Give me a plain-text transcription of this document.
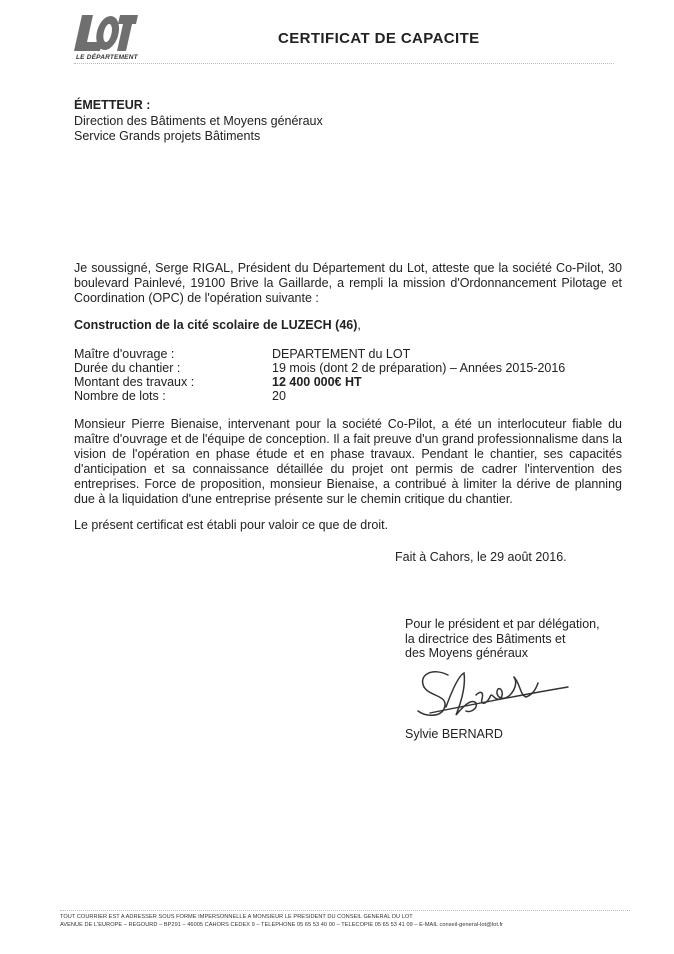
LE DÉPARTEMENT
CERTIFICAT DE CAPACITE
ÉMETTEUR :
Direction des Bâtiments et Moyens généraux
Service Grands projets Bâtiments
Je soussigné, Serge RIGAL, Président du Département du Lot, atteste que la société Co-Pilot, 30 boulevard Painlevé, 19100 Brive la Gaillarde, a rempli la mission d'Ordonnancement Pilotage et Coordination (OPC) de l'opération suivante :
Construction de la cité scolaire de LUZECH (46),
Maître d'ouvrage :	DEPARTEMENT du LOT
Durée du chantier :	19 mois (dont 2 de préparation) – Années 2015-2016
Montant des travaux :	12 400 000€ HT
Nombre de lots :	20
Monsieur Pierre Bienaise, intervenant pour la société Co-Pilot, a été un interlocuteur fiable du maître d'ouvrage et de l'équipe de conception. Il a fait preuve d'un grand professionnalisme dans la vision de l'opération en phase étude et en phase travaux. Pendant le chantier, ses capacités d'anticipation et sa connaissance détaillée du projet ont permis de cadrer l'intervention des entreprises. Force de proposition, monsieur Bienaise, a contribué à limiter la dérive de planning due à la liquidation d'une entreprise présente sur le chemin critique du chantier.
Le présent certificat est établi pour valoir ce que de droit.
Fait à Cahors, le 29 août 2016.
Pour le président et par délégation,
la directrice des Bâtiments et
des Moyens généraux
Sylvie BERNARD
TOUT COURRIER EST A ADRESSER SOUS FORME IMPERSONNELLE A MONSIEUR LE PRESIDENT DU CONSEIL GENERAL DU LOT
AVENUE DE L'EUROPE – REGOURD – BP291 – 46005 CAHORS CEDEX 9 – TELEPHONE 05 65 53 40 00 – TELECOPIE 05 65 53 41 09 – E-MAIL conseil-general-lot@lot.fr
